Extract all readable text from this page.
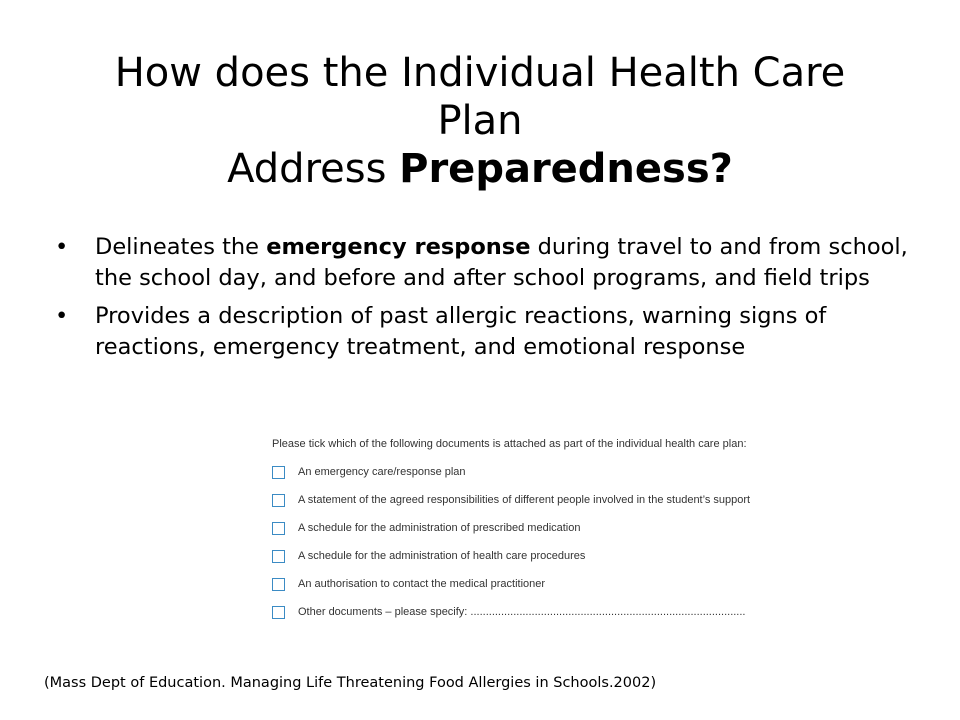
How does the Individual Health Care
Plan
Address Preparedness?
• Delineates the emergency response during travel to and from school, the school day, and before and after school programs, and field trips
• Provides a description of past allergic reactions, warning signs of reactions, emergency treatment, and emotional response
Please tick which of the following documents is attached as part of the individual health care plan:
An emergency care/response plan
A statement of the agreed responsibilities of different people involved in the student’s support
A schedule for the administration of prescribed medication
A schedule for the administration of health care procedures
An authorisation to contact the medical practitioner
Other documents – please specify: ..........................................................................................
(Mass Dept of Education. Managing Life Threatening Food Allergies in Schools.2002)
